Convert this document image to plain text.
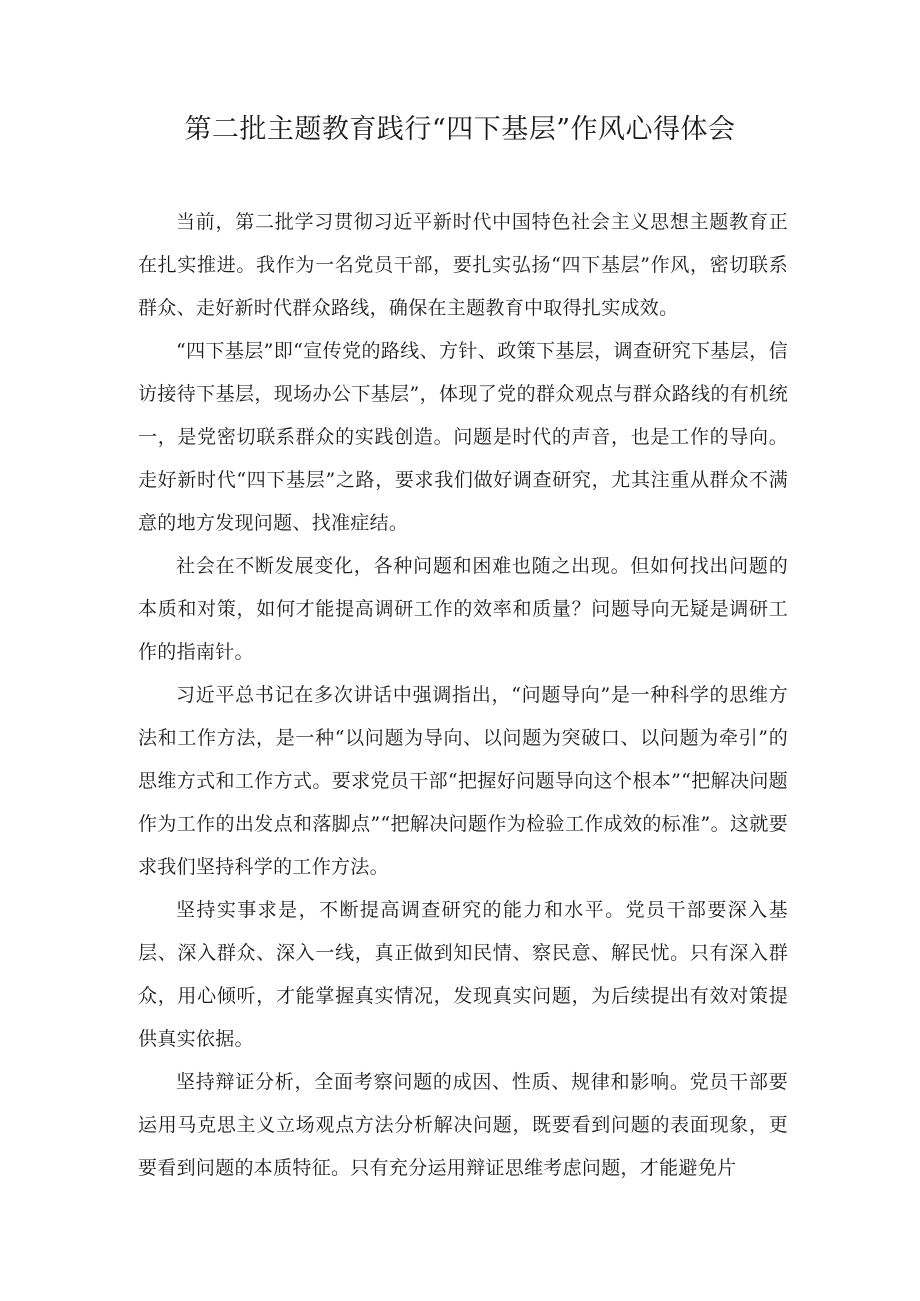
第二批主题教育践行“四下基层”作风心得体会

当前，第二批学习贯彻习近平新时代中国特色社会主义思想主题教育正在扎实推进。我作为一名党员干部，要扎实弘扬“四下基层”作风，密切联系群众、走好新时代群众路线，确保在主题教育中取得扎实成效。

“四下基层”即“宣传党的路线、方针、政策下基层，调查研究下基层，信访接待下基层，现场办公下基层”，体现了党的群众观点与群众路线的有机统一，是党密切联系群众的实践创造。问题是时代的声音，也是工作的导向。走好新时代“四下基层”之路，要求我们做好调查研究，尤其注重从群众不满意的地方发现问题、找准症结。

社会在不断发展变化，各种问题和困难也随之出现。但如何找出问题的本质和对策，如何才能提高调研工作的效率和质量？问题导向无疑是调研工作的指南针。

习近平总书记在多次讲话中强调指出，“问题导向”是一种科学的思维方法和工作方法，是一种“以问题为导向、以问题为突破口、以问题为牵引”的思维方式和工作方式。要求党员干部“把握好问题导向这个根本”“把解决问题作为工作的出发点和落脚点”“把解决问题作为检验工作成效的标准”。这就要求我们坚持科学的工作方法。

坚持实事求是，不断提高调查研究的能力和水平。党员干部要深入基层、深入群众、深入一线，真正做到知民情、察民意、解民忧。只有深入群众，用心倾听，才能掌握真实情况，发现真实问题，为后续提出有效对策提供真实依据。

坚持辩证分析，全面考察问题的成因、性质、规律和影响。党员干部要运用马克思主义立场观点方法分析解决问题，既要看到问题的表面现象，更要看到问题的本质特征。只有充分运用辩证思维考虑问题，才能避免片
